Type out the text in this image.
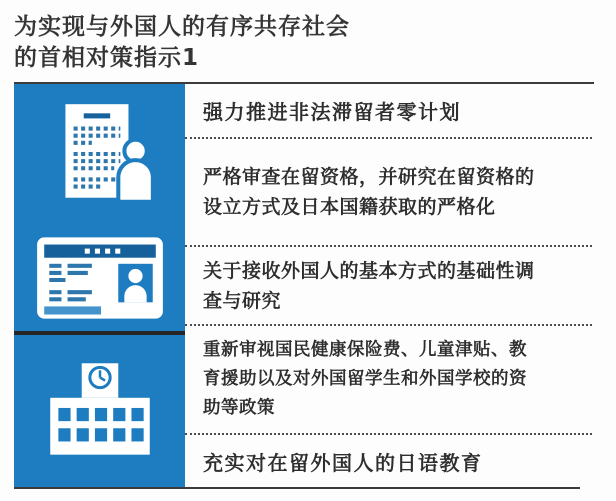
为实现与外国人的有序共存社会
的首相对策指示1
强力推进非法滞留者零计划
严格审查在留资格，并研究在留资格的设立方式及日本国籍获取的严格化
关于接收外国人的基本方式的基础性调查与研究
重新审视国民健康保险费、儿童津贴、教育援助以及对外国留学生和外国学校的资助等政策
充实对在留外国人的日语教育
